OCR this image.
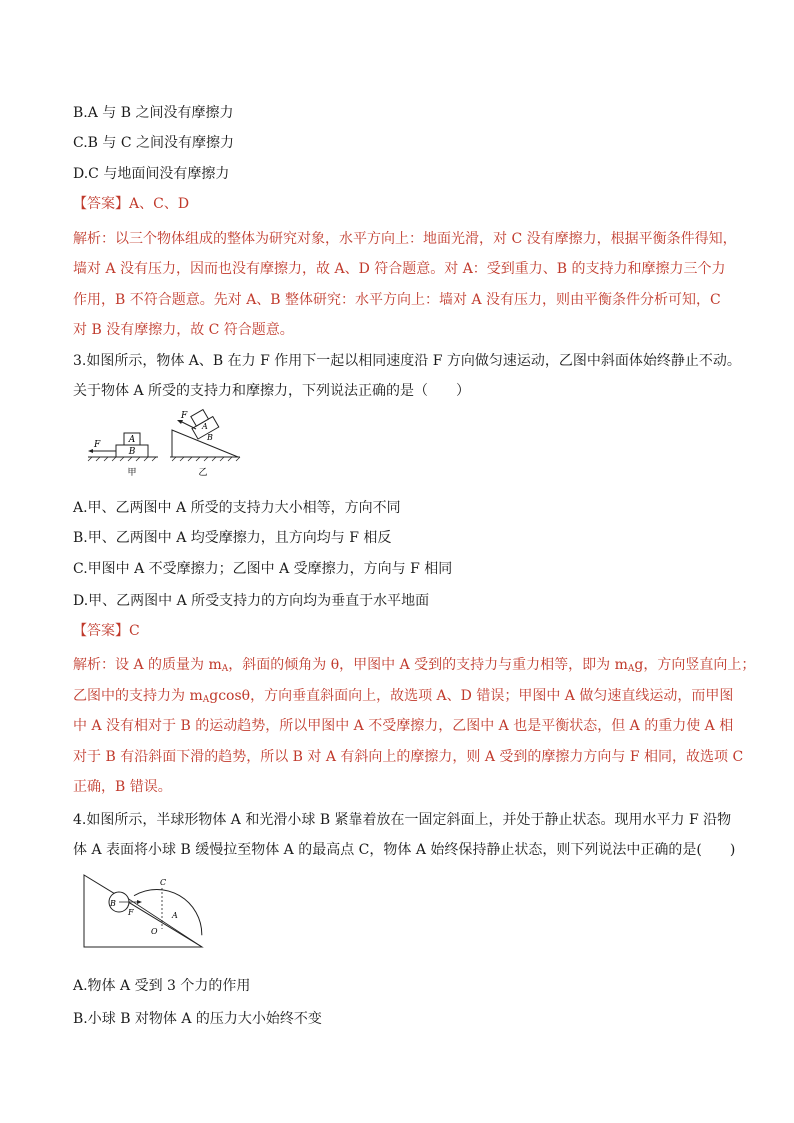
B.A 与 B 之间没有摩擦力
C.B 与 C 之间没有摩擦力
D.C 与地面间没有摩擦力
【答案】A、C、D
解析：以三个物体组成的整体为研究对象，水平方向上：地面光滑，对 C 没有摩擦力，根据平衡条件得知，
墙对 A 没有压力，因而也没有摩擦力，故 A、D 符合题意。对 A：受到重力、B 的支持力和摩擦力三个力
作用，B 不符合题意。先对 A、B 整体研究：水平方向上：墙对 A 没有压力，则由平衡条件分析可知，C
对 B 没有摩擦力，故 C 符合题意。
3.如图所示，物体 A、B 在力 F 作用下一起以相同速度沿 F 方向做匀速运动，乙图中斜面体始终静止不动。
关于物体 A 所受的支持力和摩擦力，下列说法正确的是（　　）
A
B
F
甲
B
A
F
乙
A.甲、乙两图中 A 所受的支持力大小相等，方向不同
B.甲、乙两图中 A 均受摩擦力，且方向均与 F 相反
C.甲图中 A 不受摩擦力；乙图中 A 受摩擦力，方向与 F 相同
D.甲、乙两图中 A 所受支持力的方向均为垂直于水平地面
【答案】C
解析：设 A 的质量为 $m_A$，斜面的倾角为 θ，甲图中 A 受到的支持力与重力相等，即为 $m_Ag$，方向竖直向上；
乙图中的支持力为 $m_Agcos\theta$，方向垂直斜面向上，故选项 A、D 错误；甲图中 A 做匀速直线运动，而甲图
中 A 没有相对于 B 的运动趋势，所以甲图中 A 不受摩擦力，乙图中 A 也是平衡状态，但 A 的重力使 A 相
对于 B 有沿斜面下滑的趋势，所以 B 对 A 有斜向上的摩擦力，则 A 受到的摩擦力方向与 F 相同，故选项 C
正确，B 错误。
4.如图所示，半球形物体 A 和光滑小球 B 紧靠着放在一固定斜面上，并处于静止状态。现用水平力 F 沿物
体 A 表面将小球 B 缓慢拉至物体 A 的最高点 C，物体 A 始终保持静止状态，则下列说法中正确的是(　　)
B
F
C
A
O
A.物体 A 受到 3 个力的作用
B.小球 B 对物体 A 的压力大小始终不变
